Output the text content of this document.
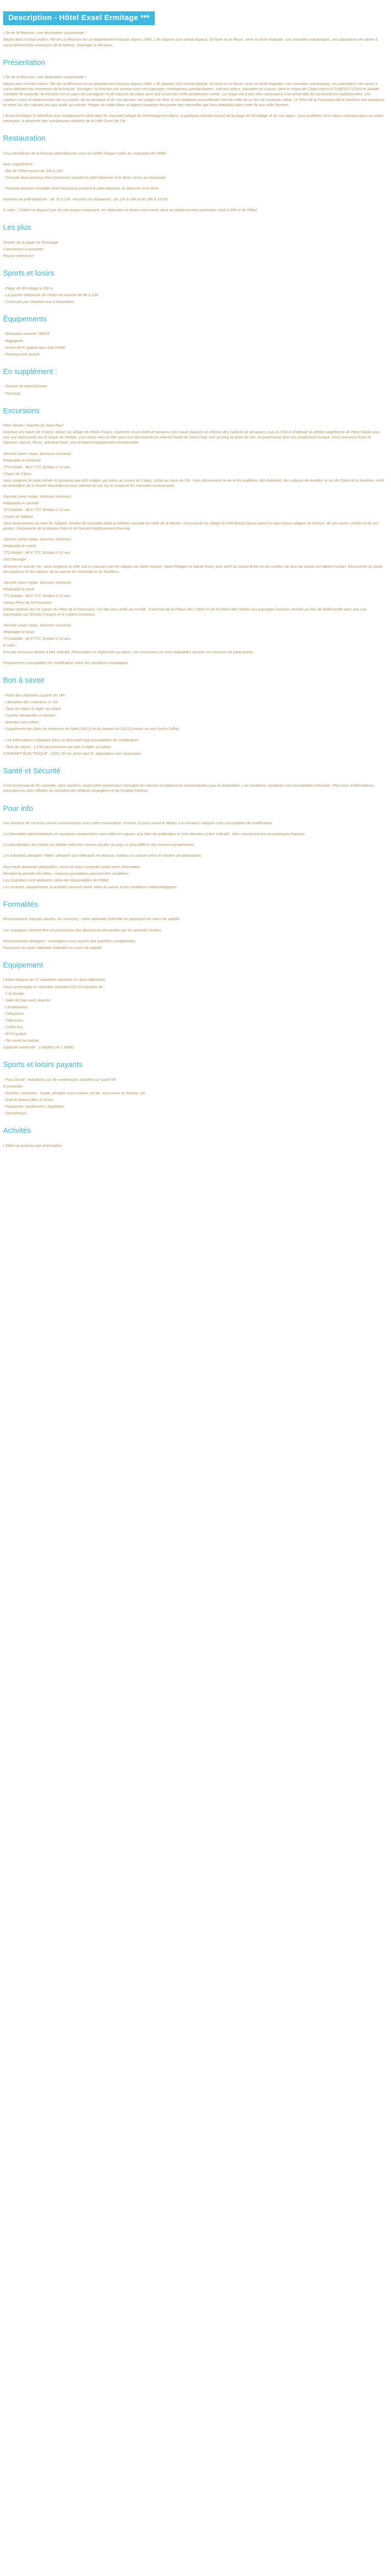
Description - Hôtel Exsel Ermitage ***

L'île de la Réunion, une destination surprenante !

Située dans l'océan Indien, l'île de La Réunion est un département français depuis 1946. L'île dispose d'un climat tropical. Se lover et se fleurir, venir se fonfri tropicale, ses nouvelles volcaniques, ses plantations de canne à sucre délivrent les immenses de la fortune, Suiveage la Réunion...

Présentation

L'île de la Réunion, une destination surprenante !

Située dans l'océan Indien, l'île de La Réunion est un département français depuis 1946. L'île dispose d'un climat tropical. Se lover et se fleurir, venir se fonfri tropicale, ses nouvelles volcaniques, ses plantations de canne à sucre délivrent les immenses de la fortune. Suivages, la Réunion est connue pour ses paysages montagneux spectaculaires : volcans pitons, cascades et cirques, dont le cirque de Cilaos inscrit à l'UNESCO (2010 et Mafate. Véritable île tropicale, la Réunion est un pays de montagnes et de sources de hauts ainsi que d'une très belle architecture créole. La coupe est à des sites ultramarins d'un ensemble de constructions traditionnelles. Les couleurs vives et chaleureuses de sa cuisine, de sa musique et de ses danses, ses plages de rêve et ses traditions accueillantes font de cette île un lieu de vacances idéal. Le Piton de la Fournaise fait le bonheur des amateurs, et reste l'un des volcans les plus actifs au monde. Plages de sable blanc et lagons turquoise font partie des merveilles qui vous attendent dans cette île aux mille facettes.

L'Exsel Ermitage 3* bénéficie d'un emplacement idéal dans le charmant village de l'Hermitage-les-Bains, à quelques minutes à pied de la plage de l'Ermitage et de son lagon. Vous profiterez d'un séjour reposant dans un cadre verdoyant, à proximité des nombreuses activités de la côte Ouest de l'île.

Restauration

Vous bénéficiez de la formule petit-déjeuner servi en buffet chaque matin au restaurant de l'hôtel.

Avec supplément :

- Bar de l'hôtel ouvert de 10h à 22h

- Formule demi-pension (hors boissons) incluant le petit-déjeuner et le dîner servis au restaurant.

- Formule pension complète (hors boissons) incluant le petit-déjeuner, le déjeuner et le dîner.

Horaires du petit-déjeuner : de 7h à 10h. Horaires du restaurant : de 12h à 14h et de 19h à 21h30.

À noter : L'hôtel ne dispose pas de son propre restaurant, les déjeuners et dîners sont servis dans un établissement partenaire situé à 200 m de l'hôtel.

Les plus

Proche de la plage de l'Ermitage

Commerces à proximité

Piscine extérieure

Sports et loisirs

- Plage de l'Ermitage à 200 m.

- La piscine extérieure de l'hôtel est ouverte de 8h à 19h.

- 2 transats par chambre mis à disposition.

Équipements

- Réception ouverte 24h/24.

- Bagagerie.

- Accès Wi-Fi gratuit dans tout l'hôtel.

- Parking privé gratuit.

En supplément :

- Service de blanchisserie.

- Pressing.

Excursions

Piton Maïdo / Marché de Saint-Paul

Direction les Hauts de l'Ouest, départ du village de Petite France, traversée d'une forêt de tamarins des Hauts équipée en chemin des cultures de géranium, puis à 2190 m d'altitude la célèbre plateforme de Piton Maïdo pour une vue saisissante sur le cirque de Mafate, puis retour vers la côte pour une découverte du marché forain de Saint-Paul, tout au long du front de mer, en partenariat avec les producteurs locaux. Vous trouverez fruits et légumes, épices, fleurs, artisanat local, une ambiance typiquement réunionnaise.

Journée (avec repas, boissons incluses)

Réalisable le vendredi

TTC/Adulte : 88 € TTC /Enfant 2-12 ans

Cirque de Cilaos

Vous longerez la route étroite et sinueuse aux 400 virages qui mène au cirque de Cilaos, niché au cœur de l'île. Vous découvrirez la vie et les traditions des habitants, les cultures de lentilles, le vin de Cilaos et la broderie. Arrêt au belvédère de la Roche Merveilleuse pour admirer la vue sur le cirque et les sommets environnants.

Journée (avec repas, boissons incluses)

Réalisable le samedi

TTC/Adulte : 86 € TTC /Enfant 2-12 ans

Cirque de Salazie

Vous emprunterez la route de Salazie, bordée de cascades dont la célèbre cascade du Voile de la Mariée. Découverte du village de Hell-Bourg classé parmi les plus beaux villages de France, de ses cases créoles et de ses jardins. Découverte de la Maison Folio et de l'ancien établissement thermal.

Journée (avec repas, boissons incluses)

Réalisable le mardi

TTC/Adulte : 86 € TTC /Enfant 2-12 ans

Sud Sauvage

Direction le sud de l'île. Vous longerez la côte sud en passant par les villages de Saint-Joseph, Saint-Philippe et Sainte-Rose, puis arrêt au Grand Brûlé où les coulées de lave du volcan ont atteint l'océan. Découverte du jardin des parfums et des épices, de la marine de Vincendo et du Souffleur.

Journée (avec repas, boissons incluses)

Réalisable le jeudi

TTC/Adulte : 88 € TTC /Enfant 2-12 ans

Volcan Piton de la Fournaise

Départ matinal vers le volcan du Piton de la Fournaise, l'un des plus actifs au monde. Traversée de la Plaine des Cafres et de la Plaine des Sables aux paysages lunaires. Arrivée au Pas de Bellecombe avec une vue imprenable sur l'Enclos Fouqué et le cratère Dolomieu.

Journée (avec repas, boissons incluses)

Réalisable le lundi

TTC/Adulte : 96 € TTC /Enfant 2-12 ans

À noter :

Prix par personne donné à titre indicatif. Réservation et règlement sur place. Les excursions ne sont réalisables qu'avec un minimum de participants.

Programmes susceptibles de modification selon les conditions climatiques.

Bon à savoir

- Prise des chambres à partir de 14h.

- Libération des chambres à 11h.

- Taxe de séjour à régler sur place.

- Caution demandée à l'arrivée.

- Animaux non admis.

- Supplément des frais de résidence de Noël (24/12) et du Nouvel An (31/12) inclus ou non (selon l'offre).

- Les informations indiquées dans ce descriptif sont susceptibles de modification.

- Taxe de séjour : 1,15€ par personne par jour à régler sur place.

COURANT ÉLECTRIQUE : 220V, 50 Hz, prise type E, adaptateur non nécessaire.

Santé et Sécurité

Il est recommandé de consulter votre médecin avant votre départ pour connaître les vaccins et traitements recommandés pour la destination. Les conditions sanitaires sont susceptibles d'évoluer. Pour plus d'informations, consultez les sites officiels du ministère des Affaires étrangères et de l'Institut Pasteur.

Pour info

Vos horaires de vol vous seront communiqués avec votre convocation, environ 10 jours avant le départ. Les horaires indiqués sont susceptibles de modification.

Les formalités administratives et sanitaires mentionnées sont celles en vigueur à la date de publication et sont données à titre indicatif ; elles concernent les ressortissants français.

La classification des hôtels est établie selon les normes locales du pays et peut différer des normes européennes.

Les transferts aéroport / hôtel / aéroport sont effectués en autocar, minibus ou voiture selon le nombre de participants.

Pour toute demande particulière, merci de nous contacter avant votre réservation.

Pendant la période des fêtes, certaines prestations peuvent être modifiées.

Les chambres sont attribuées selon les disponibilités de l'hôtel.

Les services, équipements et activités peuvent varier selon la saison et les conditions météorologiques.

Formalités

Ressortissants français adultes (ou mineurs) : carte nationale d'identité ou passeport en cours de validité.

Les voyageurs doivent être en possession des documents demandés par les autorités locales.

Ressortissants étrangers : renseignez-vous auprès des autorités compétentes.

Passeport ou carte nationale d'identité en cours de validité.

Equipement

L'hôtel dispose de 37 chambres réparties en deux bâtiments.

Vous serez logés en chambre standard (26 m²) équipée de :

- 1 lit double,

- Salle de bain avec douche,

- Climatisation,

- Téléphone,

- Télévision,

- Coffre-fort,

- Wi-Fi gratuit,

- Ter-rasse ou balcon.

Capacité maximale : 2 adultes (et 1 bébé).

Sports et loisirs payants

- Pass Excel : réductions sur de nombreuses activités sur toute l'île.

À proximité :

- Activités nautiques : kayak, plongée sous-marine, jet ski, excursions en bateau, etc.

- Golf du Bassin Bleu à 10 km.

- Parapente, randonnées, équitation.

- Discothèque.

Activités

L'hôtel ne propose pas d'animation.
